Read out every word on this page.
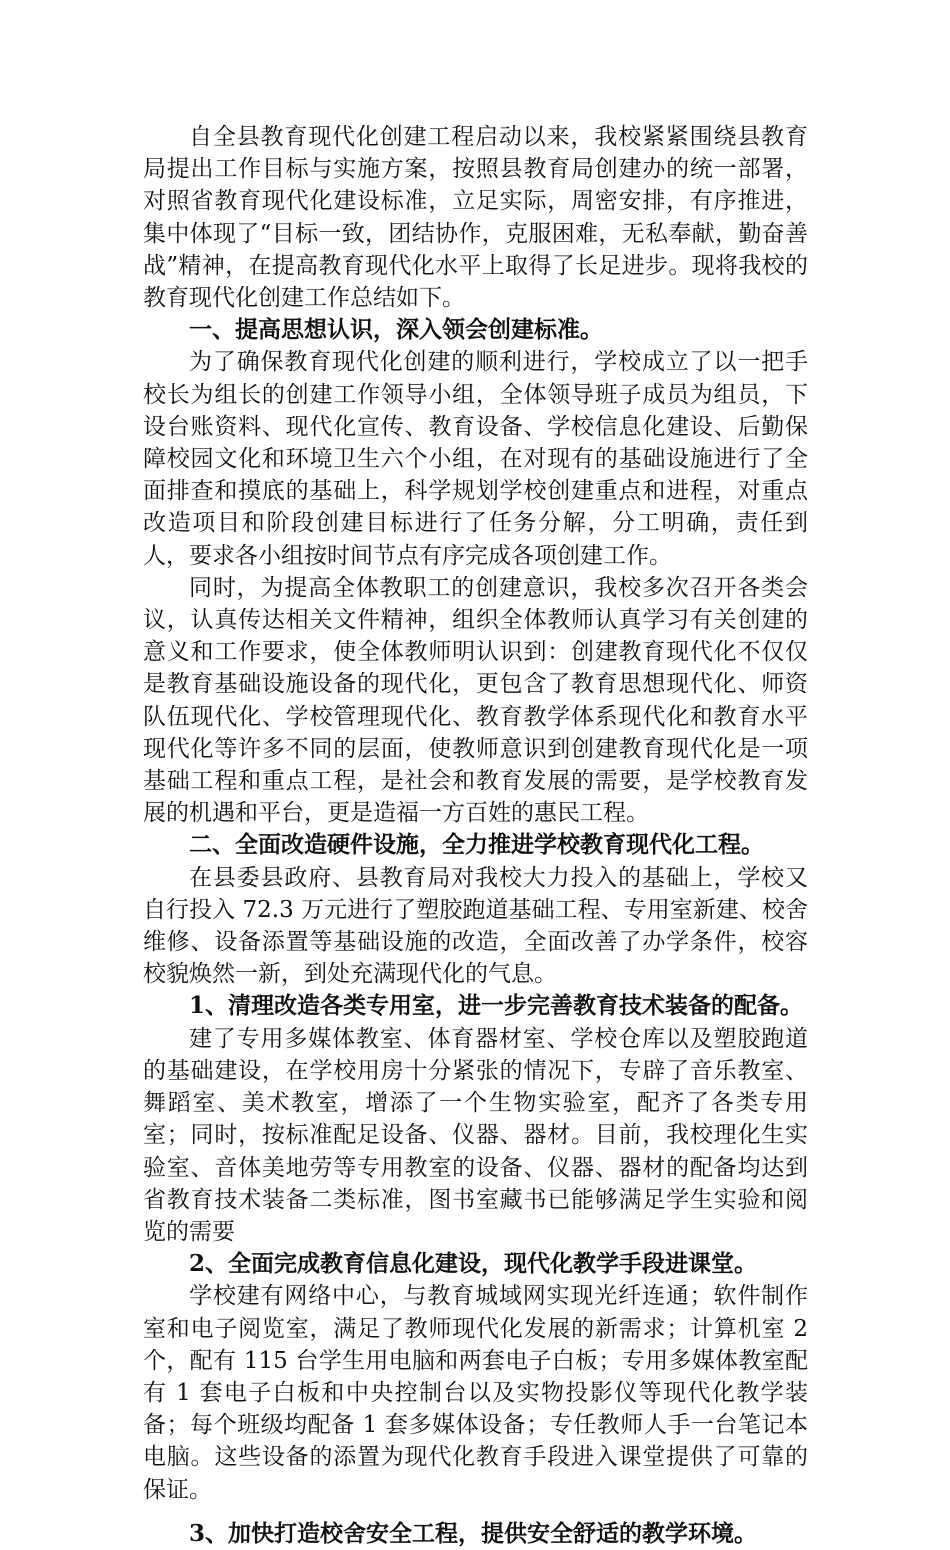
自全县教育现代化创建工程启动以来，我校紧紧围绕县教育局提出工作目标与实施方案，按照县教育局创建办的统一部署，对照省教育现代化建设标准，立足实际，周密安排，有序推进，集中体现了“目标一致，团结协作，克服困难，无私奉献，勤奋善战”精神，在提高教育现代化水平上取得了长足进步。现将我校的教育现代化创建工作总结如下。

一、提高思想认识，深入领会创建标准。

为了确保教育现代化创建的顺利进行，学校成立了以一把手校长为组长的创建工作领导小组，全体领导班子成员为组员，下设台账资料、现代化宣传、教育设备、学校信息化建设、后勤保障校园文化和环境卫生六个小组，在对现有的基础设施进行了全面排查和摸底的基础上，科学规划学校创建重点和进程，对重点改造项目和阶段创建目标进行了任务分解，分工明确，责任到人，要求各小组按时间节点有序完成各项创建工作。

同时，为提高全体教职工的创建意识，我校多次召开各类会议，认真传达相关文件精神，组织全体教师认真学习有关创建的意义和工作要求，使全体教师明认识到：创建教育现代化不仅仅是教育基础设施设备的现代化，更包含了教育思想现代化、师资队伍现代化、学校管理现代化、教育教学体系现代化和教育水平现代化等许多不同的层面，使教师意识到创建教育现代化是一项基础工程和重点工程，是社会和教育发展的需要，是学校教育发展的机遇和平台，更是造福一方百姓的惠民工程。

二、全面改造硬件设施，全力推进学校教育现代化工程。

在县委县政府、县教育局对我校大力投入的基础上，学校又自行投入 72.3 万元进行了塑胶跑道基础工程、专用室新建、校舍维修、设备添置等基础设施的改造，全面改善了办学条件，校容校貌焕然一新，到处充满现代化的气息。

1、清理改造各类专用室，进一步完善教育技术装备的配备。

建了专用多媒体教室、体育器材室、学校仓库以及塑胶跑道的基础建设，在学校用房十分紧张的情况下，专辟了音乐教室、舞蹈室、美术教室，增添了一个生物实验室，配齐了各类专用室；同时，按标准配足设备、仪器、器材。目前，我校理化生实验室、音体美地劳等专用教室的设备、仪器、器材的配备均达到省教育技术装备二类标准，图书室藏书已能够满足学生实验和阅览的需要

2、全面完成教育信息化建设，现代化教学手段进课堂。

学校建有网络中心，与教育城域网实现光纤连通；软件制作室和电子阅览室，满足了教师现代化发展的新需求；计算机室 2 个，配有 115 台学生用电脑和两套电子白板；专用多媒体教室配有 1 套电子白板和中央控制台以及实物投影仪等现代化教学装备；每个班级均配备 1 套多媒体设备；专任教师人手一台笔记本电脑。这些设备的添置为现代化教育手段进入课堂提供了可靠的保证。

3、加快打造校舍安全工程，提供安全舒适的教学环境。
